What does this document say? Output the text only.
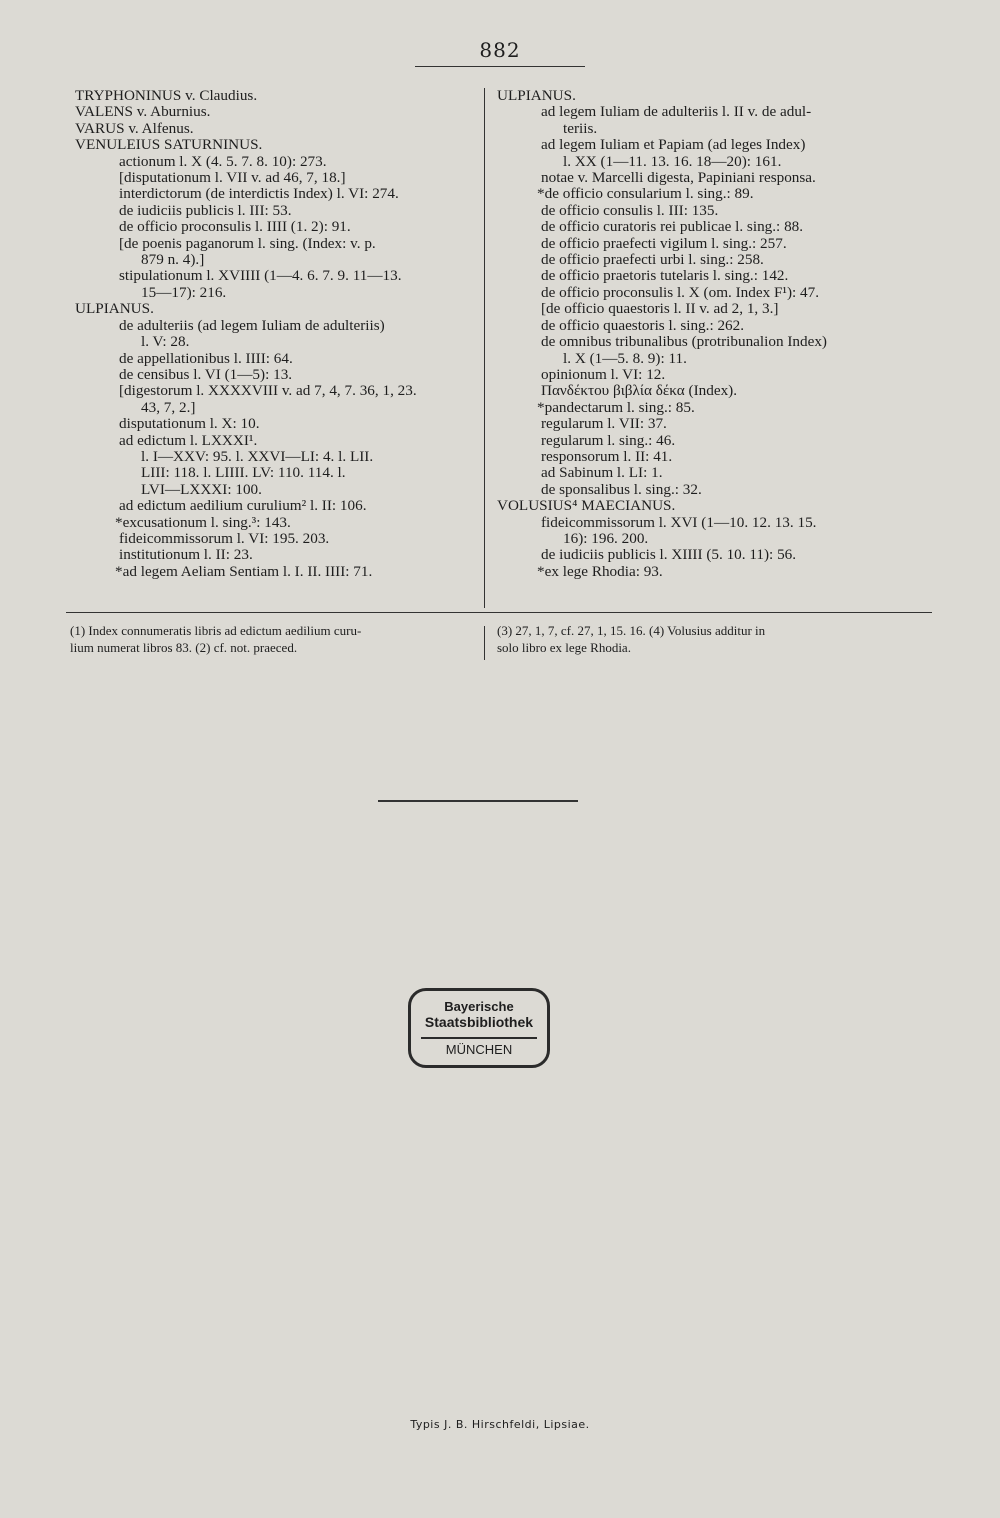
882
TRYPHONINUS v. Claudius.
VALENS v. Aburnius.
VARUS v. Alfenus.
VENULEIUS SATURNINUS.
actionum l. X (4. 5. 7. 8. 10): 273.
[disputationum l. VII v. ad 46, 7, 18.]
interdictorum (de interdictis Index) l. VI: 274.
de iudiciis publicis l. III: 53.
de officio proconsulis l. IIII (1. 2): 91.
[de poenis paganorum l. sing. (Index: v. p.
879 n. 4).]
stipulationum l. XVIIII (1—4. 6. 7. 9. 11—13.
15—17): 216.
ULPIANUS.
de adulteriis (ad legem Iuliam de adulteriis)
l. V: 28.
de appellationibus l. IIII: 64.
de censibus l. VI (1—5): 13.
[digestorum l. XXXXVIII v. ad 7, 4, 7. 36, 1, 23.
43, 7, 2.]
disputationum l. X: 10.
ad edictum l. LXXXI¹.
l. I—XXV: 95. l. XXVI—LI: 4. l. LII.
LIII: 118. l. LIIII. LV: 110. 114. l.
LVI—LXXXI: 100.
ad edictum aedilium curulium² l. II: 106.
*excusationum l. sing.³: 143.
fideicommissorum l. VI: 195. 203.
institutionum l. II: 23.
*ad legem Aeliam Sentiam l. I. II. IIII: 71.
ULPIANUS.
ad legem Iuliam de adulteriis l. II v. de adul-
teriis.
ad legem Iuliam et Papiam (ad leges Index)
l. XX (1—11. 13. 16. 18—20): 161.
notae v. Marcelli digesta, Papiniani responsa.
*de officio consularium l. sing.: 89.
de officio consulis l. III: 135.
de officio curatoris rei publicae l. sing.: 88.
de officio praefecti vigilum l. sing.: 257.
de officio praefecti urbi l. sing.: 258.
de officio praetoris tutelaris l. sing.: 142.
de officio proconsulis l. X (om. Index F¹): 47.
[de officio quaestoris l. II v. ad 2, 1, 3.]
de officio quaestoris l. sing.: 262.
de omnibus tribunalibus (protribunalion Index)
l. X (1—5. 8. 9): 11.
opinionum l. VI: 12.
Πανδέκτου βιβλία δέκα (Index).
*pandectarum l. sing.: 85.
regularum l. VII: 37.
regularum l. sing.: 46.
responsorum l. II: 41.
ad Sabinum l. LI: 1.
de sponsalibus l. sing.: 32.
VOLUSIUS⁴ MAECIANUS.
fideicommissorum l. XVI (1—10. 12. 13. 15.
16): 196. 200.
de iudiciis publicis l. XIIII (5. 10. 11): 56.
*ex lege Rhodia: 93.
(1) Index connumeratis libris ad edictum aedilium curu-
lium numerat libros 83. (2) cf. not. praeced.
(3) 27, 1, 7, cf. 27, 1, 15. 16. (4) Volusius additur in
solo libro ex lege Rhodia.
Bayerische
Staatsbibliothek
MÜNCHEN
Typis J. B. Hirschfeldi, Lipsiae.
